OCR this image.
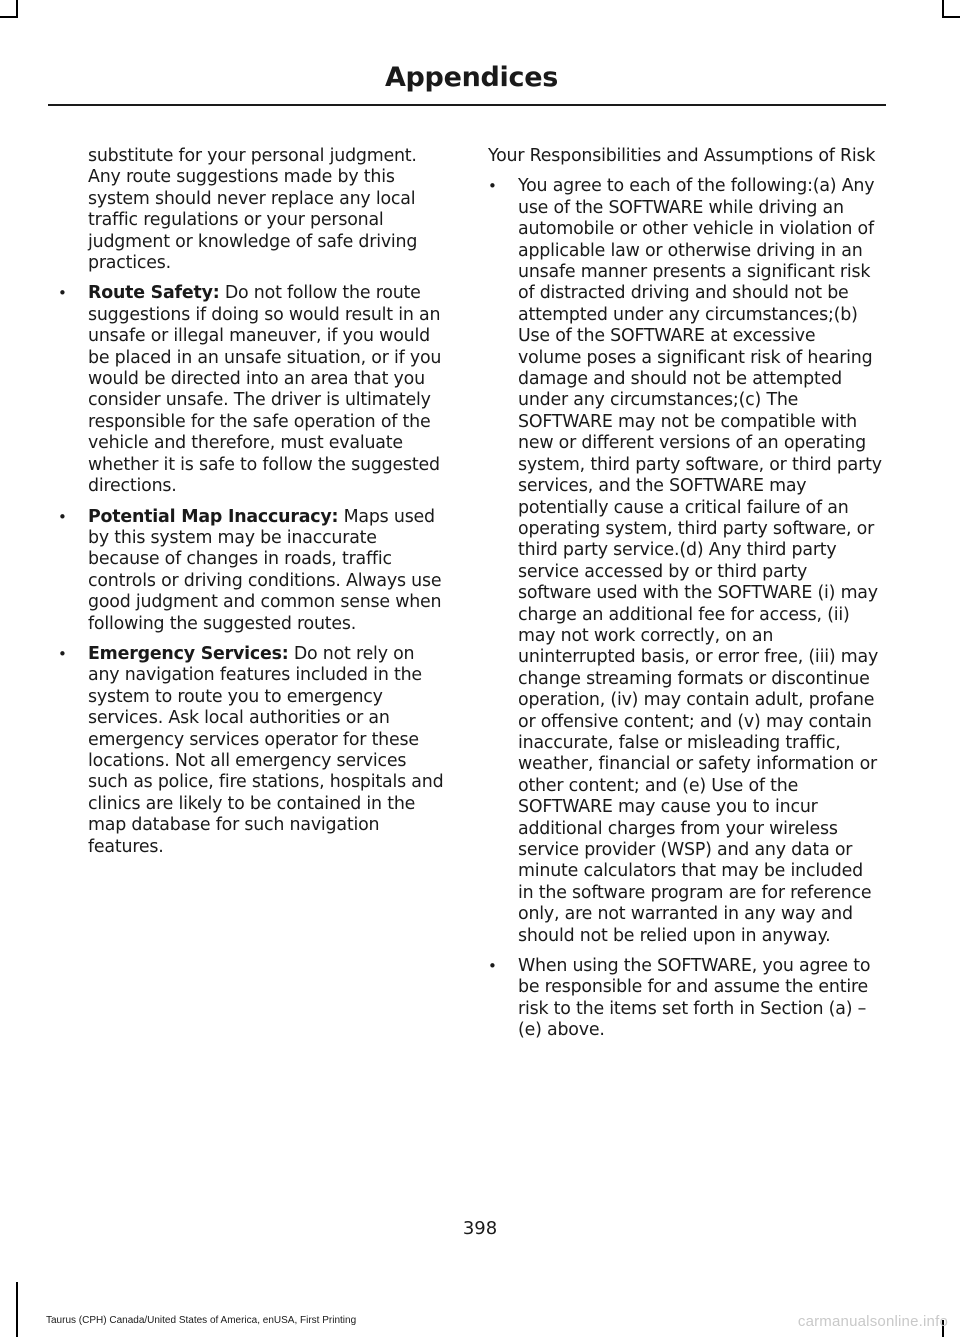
Appendices

substitute for your personal judgment. Any route suggestions made by this system should never replace any local traffic regulations or your personal judgment or knowledge of safe driving practices.

•	Route Safety: Do not follow the route suggestions if doing so would result in an unsafe or illegal maneuver, if you would be placed in an unsafe situation, or if you would be directed into an area that you consider unsafe. The driver is ultimately responsible for the safe operation of the vehicle and therefore, must evaluate whether it is safe to follow the suggested directions.
•	Potential Map Inaccuracy: Maps used by this system may be inaccurate because of changes in roads, traffic controls or driving conditions. Always use good judgment and common sense when following the suggested routes.
•	Emergency Services: Do not rely on any navigation features included in the system to route you to emergency services. Ask local authorities or an emergency services operator for these locations. Not all emergency services such as police, fire stations, hospitals and clinics are likely to be contained in the map database for such navigation features.

Your Responsibilities and Assumptions of Risk

•	You agree to each of the following:(a) Any use of the SOFTWARE while driving an automobile or other vehicle in violation of applicable law or otherwise driving in an unsafe manner presents a significant risk of distracted driving and should not be attempted under any circumstances;(b) Use of the SOFTWARE at excessive volume poses a significant risk of hearing damage and should not be attempted under any circumstances;(c) The SOFTWARE may not be compatible with new or different versions of an operating system, third party software, or third party services, and the SOFTWARE may potentially cause a critical failure of an operating system, third party software, or third party service.(d) Any third party service accessed by or third party software used with the SOFTWARE (i) may charge an additional fee for access, (ii) may not work correctly, on an uninterrupted basis, or error free, (iii) may change streaming formats or discontinue operation, (iv) may contain adult, profane or offensive content; and (v) may contain inaccurate, false or misleading traffic, weather, financial or safety information or other content; and (e) Use of the SOFTWARE may cause you to incur additional charges from your wireless service provider (WSP) and any data or minute calculators that may be included in the software program are for reference only, are not warranted in any way and should not be relied upon in anyway.
•	When using the SOFTWARE, you agree to be responsible for and assume the entire risk to the items set forth in Section (a) – (e) above.
398
Taurus (CPH) Canada/United States of America, enUSA, First Printing	carmanualsonline.info
